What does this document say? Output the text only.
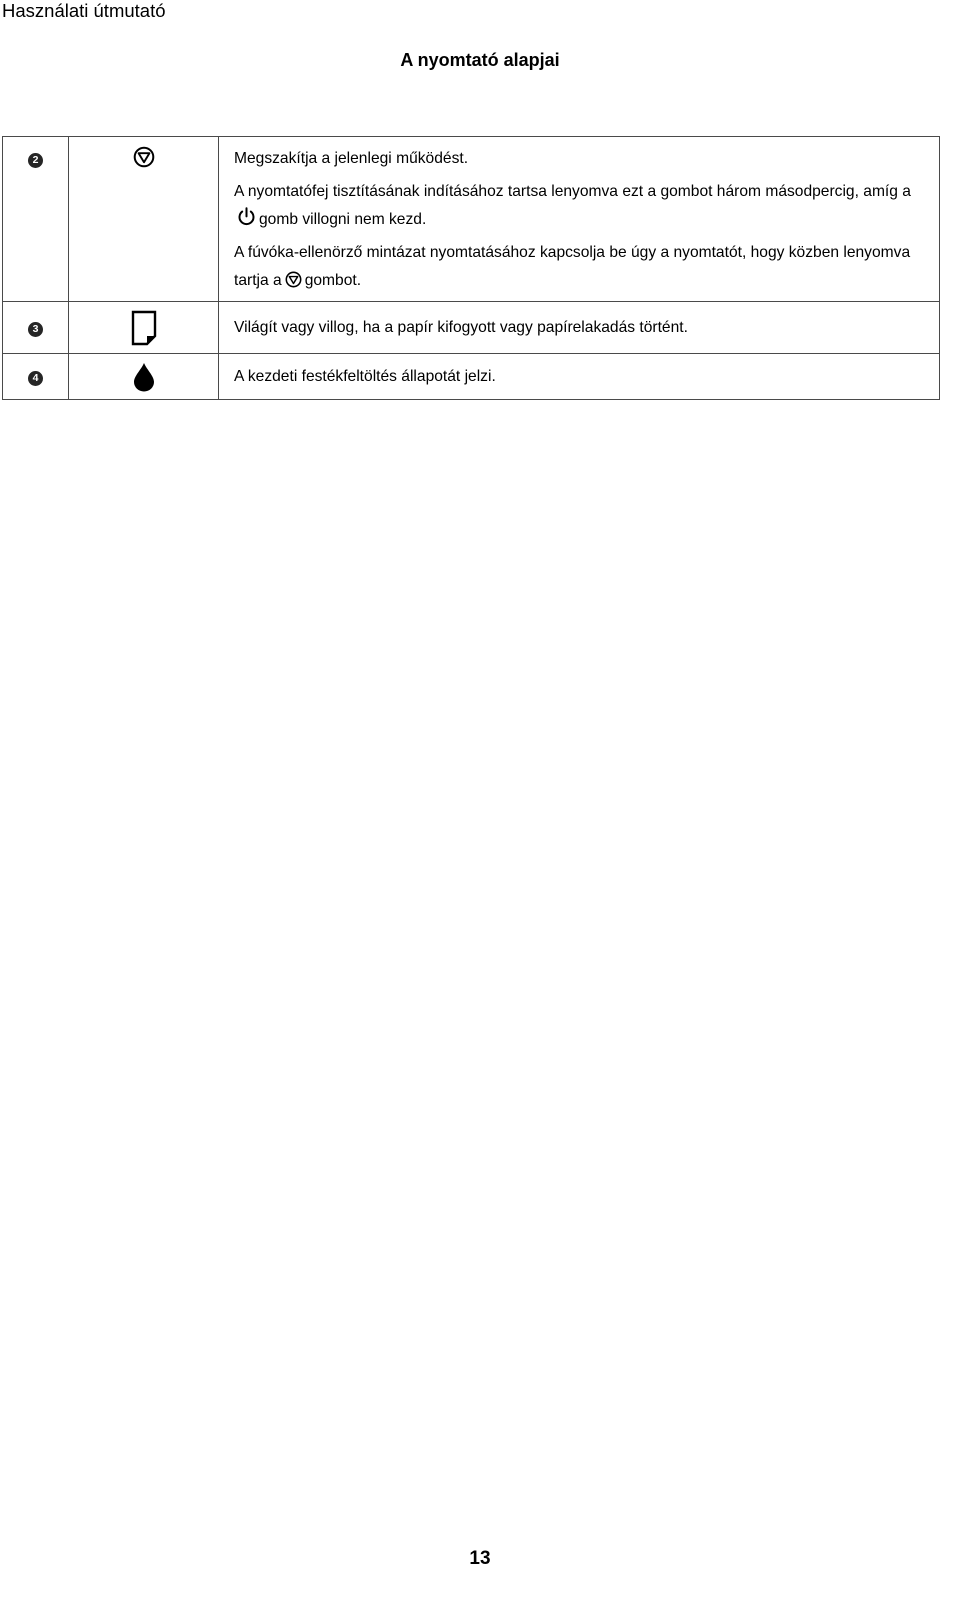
Használati útmutató
A nyomtató alapjai
2		Megszakítja a jelenlegi működést.

A nyomtatófej tisztításának indításához tartsa lenyomva ezt a gombot három másodpercig, amíg agomb villogni nem kezd.

A fúvóka-ellenörző mintázat nyomtatásához kapcsolja be úgy a nyomtatót, hogy közben lenyomva tartja a gombot.

3		Világít vagy villog, ha a papír kifogyott vagy papírelakadás történt.

4		A kezdeti festékfeltöltés állapotát jelzi.

13
